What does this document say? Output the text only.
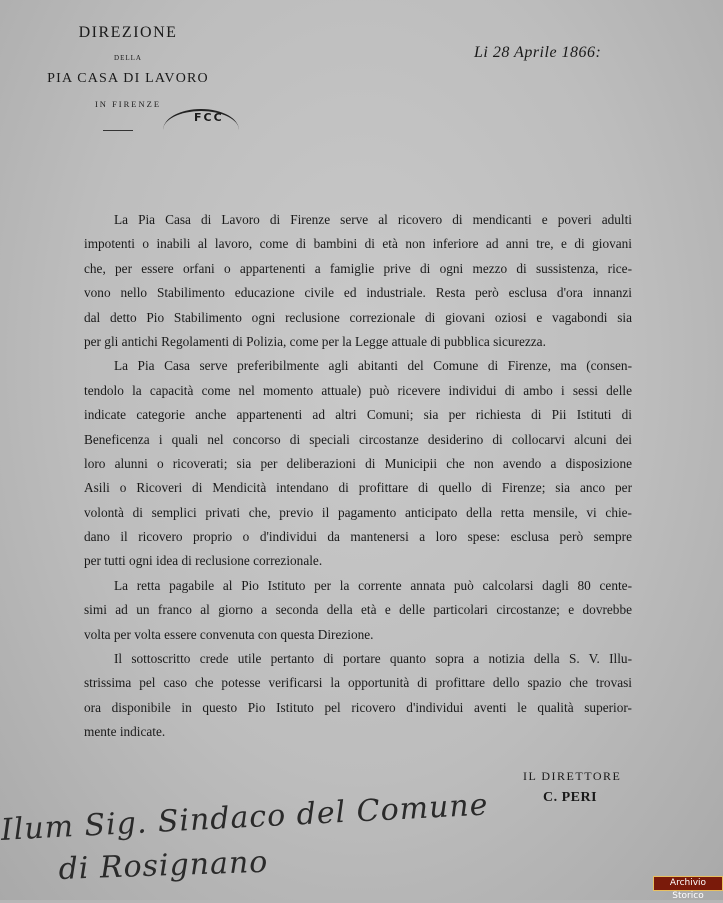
DIREZIONE
DELLA
PIA CASA DI LAVORO
IN FIRENZE
FCC
Li 28 Aprile 1866:
La Pia Casa di Lavoro di Firenze serve al ricovero di mendicanti e poveri adulti
impotenti o inabili al lavoro, come di bambini di età non inferiore ad anni tre, e di giovani
che, per essere orfani o appartenenti a famiglie prive di ogni mezzo di sussistenza, rice-
vono nello Stabilimento educazione civile ed industriale. Resta però esclusa d'ora innanzi
dal detto Pio Stabilimento ogni reclusione correzionale di giovani oziosi e vagabondi sia
per gli antichi Regolamenti di Polizia, come per la Legge attuale di pubblica sicurezza.
La Pia Casa serve preferibilmente agli abitanti del Comune di Firenze, ma (consen-
tendolo la capacità come nel momento attuale) può ricevere individui di ambo i sessi delle
indicate categorie anche appartenenti ad altri Comuni; sia per richiesta di Pii Istituti di
Beneficenza i quali nel concorso di speciali circostanze desiderino di collocarvi alcuni dei
loro alunni o ricoverati; sia per deliberazioni di Municipii che non avendo a disposizione
Asili o Ricoveri di Mendicità intendano di profittare di quello di Firenze; sia anco per
volontà di semplici privati che, previo il pagamento anticipato della retta mensile, vi chie-
dano il ricovero proprio o d'individui da mantenersi a loro spese: esclusa però sempre
per tutti ogni idea di reclusione correzionale.
La retta pagabile al Pio Istituto per la corrente annata può calcolarsi dagli 80 cente-
simi ad un franco al giorno a seconda della età e delle particolari circostanze; e dovrebbe
volta per volta essere convenuta con questa Direzione.
Il sottoscritto crede utile pertanto di portare quanto sopra a notizia della S. V. Illu-
strissima pel caso che potesse verificarsi la opportunità di profittare dello spazio che trovasi
ora disponibile in questo Pio Istituto pel ricovero d'individui aventi le qualità superior-
mente indicate.
IL DIRETTORE
C. PERI
Ilum Sig. Sindaco del Comune
di Rosignano	Archivio Storico
